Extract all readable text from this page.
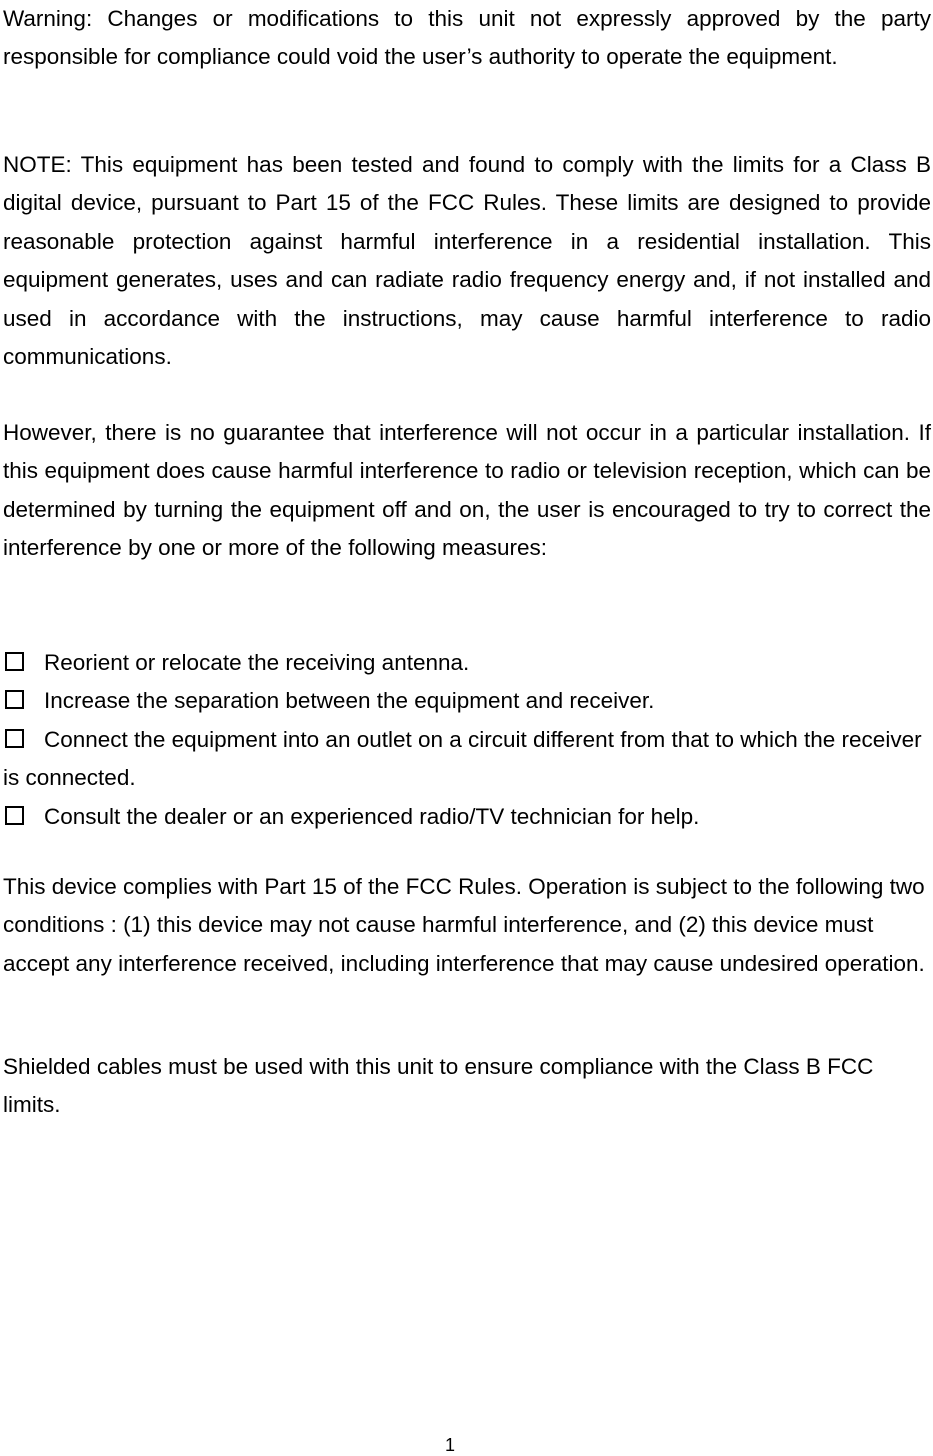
Warning: Changes or modifications to this unit not expressly approved by the party responsible for compliance could void the user’s authority to operate the equipment.

NOTE: This equipment has been tested and found to comply with the limits for a Class B digital device, pursuant to Part 15 of the FCC Rules. These limits are designed to provide reasonable protection against harmful interference in a residential installation. This equipment generates, uses and can radiate radio frequency energy and, if not installed and used in accordance with the instructions, may cause harmful interference to radio communications.

However, there is no guarantee that interference will not occur in a particular installation. If this equipment does cause harmful interference to radio or television reception, which can be determined by turning the equipment off and on, the user is encouraged to try to correct the interference by one or more of the following measures:

Reorient or relocate the receiving antenna.
Increase the separation between the equipment and receiver.
Connect the equipment into an outlet on a circuit different from that to which the receiver is connected.
Consult the dealer or an experienced radio/TV technician for help.

This device complies with Part 15 of the FCC Rules. Operation is subject to the following two conditions : (1) this device may not cause harmful interference, and (2) this device must accept any interference received, including interference that may cause undesired operation.

Shielded cables must be used with this unit to ensure compliance with the Class B FCC limits.

1
